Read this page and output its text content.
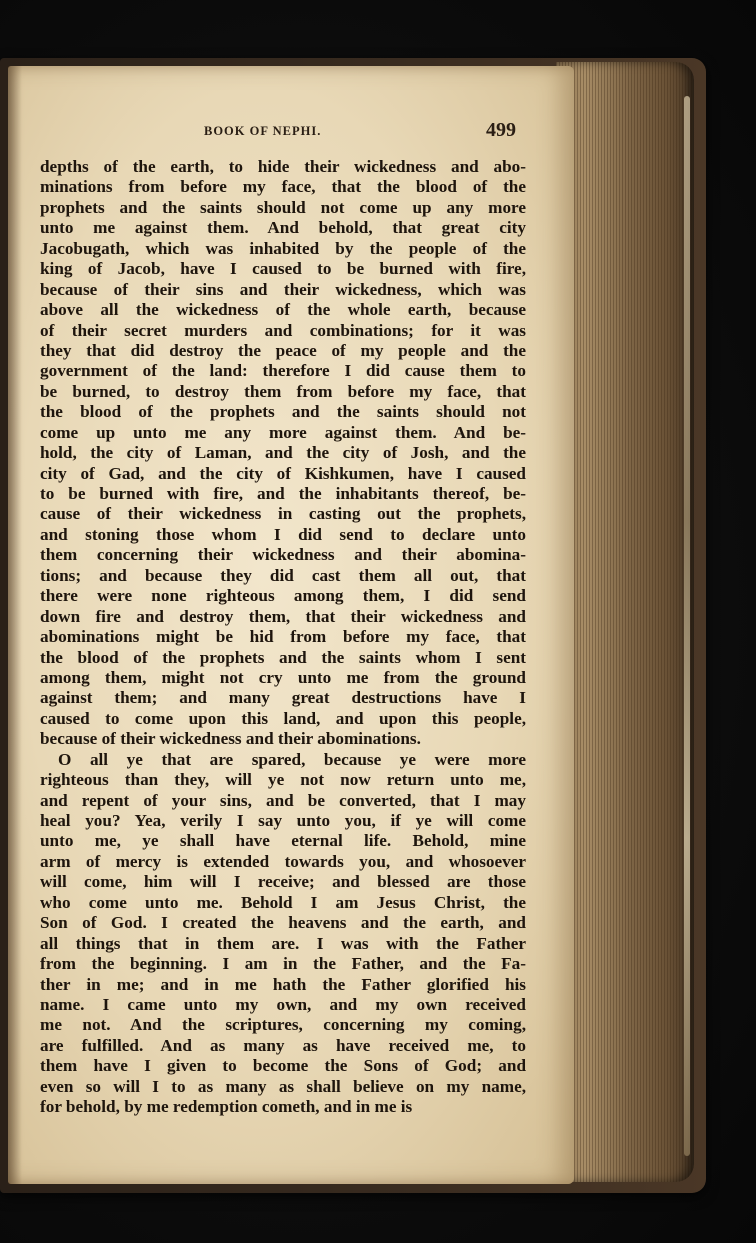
BOOK OF NEPHI.	499
depths of the earth, to hide their wickedness and abo-
minations from before my face, that the blood of the
prophets and the saints should not come up any more
unto me against them. And behold, that great city
Jacobugath, which was inhabited by the people of the
king of Jacob, have I caused to be burned with fire,
because of their sins and their wickedness, which was
above all the wickedness of the whole earth, because
of their secret murders and combinations; for it was
they that did destroy the peace of my people and the
government of the land: therefore I did cause them to
be burned, to destroy them from before my face, that
the blood of the prophets and the saints should not
come up unto me any more against them. And be-
hold, the city of Laman, and the city of Josh, and the
city of Gad, and the city of Kishkumen, have I caused
to be burned with fire, and the inhabitants thereof, be-
cause of their wickedness in casting out the prophets,
and stoning those whom I did send to declare unto
them concerning their wickedness and their abomina-
tions; and because they did cast them all out, that
there were none righteous among them, I did send
down fire and destroy them, that their wickedness and
abominations might be hid from before my face, that
the blood of the prophets and the saints whom I sent
among them, might not cry unto me from the ground
against them; and many great destructions have I
caused to come upon this land, and upon this people,
because of their wickedness and their abominations.
O all ye that are spared, because ye were more
righteous than they, will ye not now return unto me,
and repent of your sins, and be converted, that I may
heal you? Yea, verily I say unto you, if ye will come
unto me, ye shall have eternal life. Behold, mine
arm of mercy is extended towards you, and whosoever
will come, him will I receive; and blessed are those
who come unto me. Behold I am Jesus Christ, the
Son of God. I created the heavens and the earth, and
all things that in them are. I was with the Father
from the beginning. I am in the Father, and the Fa-
ther in me; and in me hath the Father glorified his
name. I came unto my own, and my own received
me not. And the scriptures, concerning my coming,
are fulfilled. And as many as have received me, to
them have I given to become the Sons of God; and
even so will I to as many as shall believe on my name,
for behold, by me redemption cometh, and in me is
